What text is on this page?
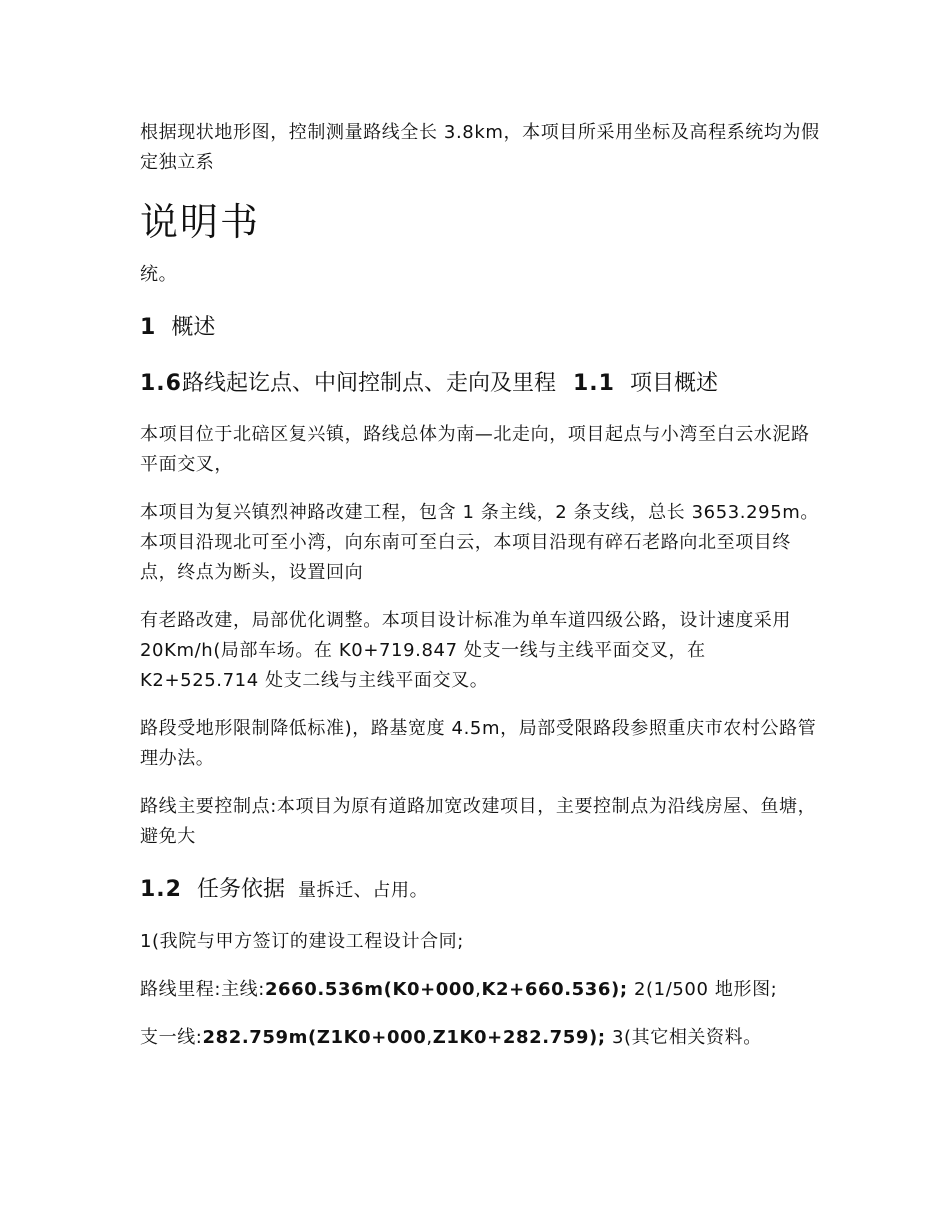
根据现状地形图，控制测量路线全长 3.8km，本项目所采用坐标及高程系统均为假定独立系

说明书

统。

1 概述
1.6路线起讫点、中间控制点、走向及里程 1.1 项目概述

本项目位于北碚区复兴镇，路线总体为南—北走向，项目起点与小湾至白云水泥路平面交叉，

本项目为复兴镇烈神路改建工程，包含 1 条主线，2 条支线，总长 3653.295m。本项目沿现北可至小湾，向东南可至白云，本项目沿现有碎石老路向北至项目终点，终点为断头，设置回向

有老路改建，局部优化调整。本项目设计标准为单车道四级公路，设计速度采用 20Km/h(局部车场。在 K0+719.847 处支一线与主线平面交叉，在 K2+525.714 处支二线与主线平面交叉。

路段受地形限制降低标准)，路基宽度 4.5m，局部受限路段参照重庆市农村公路管理办法。

路线主要控制点:本项目为原有道路加宽改建项目，主要控制点为沿线房屋、鱼塘，避免大

1.2 任务依据 量拆迁、占用。

1(我院与甲方签订的建设工程设计合同;

路线里程:主线:2660.536m(K0+000,K2+660.536); 2(1/500 地形图;

支一线:282.759m(Z1K0+000,Z1K0+282.759); 3(其它相关资料。
